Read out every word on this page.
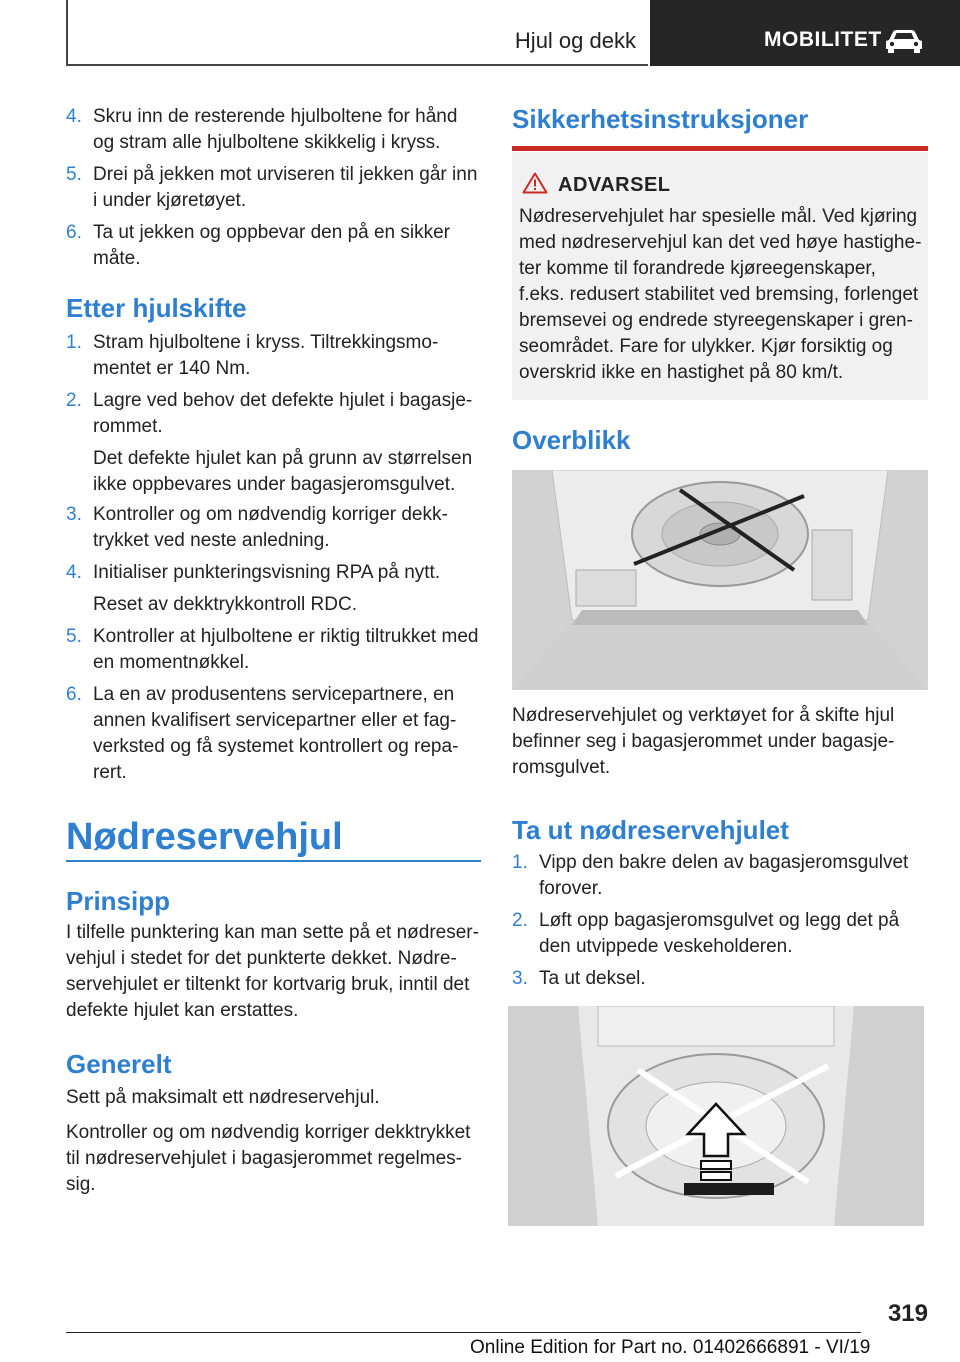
Hjul og dekk	MOBILITET
4. Skru inn de resterende hjulboltene for hånd og stram alle hjulboltene skikkelig i kryss.

5. Drei på jekken mot urviseren til jekken går inn i under kjøretøyet.

6. Ta ut jekken og oppbevar den på en sikker måte.

Etter hjulskifte
1. Stram hjulboltene i kryss. Tiltrekkingsmomentet er 140 Nm.

2. Lagre ved behov det defekte hjulet i bagasjerommet.

Det defekte hjulet kan på grunn av størrelsen ikke oppbevares under bagasjeromsgulvet.

3. Kontroller og om nødvendig korriger dekktrykket ved neste anledning.

4. Initialiser punkteringsvisning RPA på nytt.

Reset av dekktrykkontroll RDC.

5. Kontroller at hjulboltene er riktig tiltrukket med en momentnøkkel.

6. La en av produsentens servicepartnere, en annen kvalifisert servicepartner eller et fagverksted og få systemet kontrollert og reparert.

Nødreservehjul
Prinsipp
I tilfelle punktering kan man sette på et nødreservehjul i stedet for det punkterte dekket. Nødreservehjulet er tiltenkt for kortvarig bruk, inntil det defekte hjulet kan erstattes.
Generelt
Sett på maksimalt ett nødreservehjul.
Kontroller og om nødvendig korriger dekktrykket til nødreservehjulet i bagasjerommet regelmessig.
Sikkerhetsinstruksjoner
ADVARSEL
Nødreservehjulet har spesielle mål. Ved kjøring med nødreservehjul kan det ved høye hastigheter komme til forandrede kjøreegenskaper, f.eks. redusert stabilitet ved bremsing, forlenget bremsevei og endrede styreegenskaper i grenseområdet. Fare for ulykker. Kjør forsiktig og overskrid ikke en hastighet på 80 km/t.
Overblikk
Nødreservehjulet og verktøyet for å skifte hjul befinner seg i bagasjerommet under bagasjeromsgulvet.
Ta ut nødreservehjulet
1. Vipp den bakre delen av bagasjeromsgulvet forover.

2. Løft opp bagasjeromsgulvet og legg det på den utvippede veskeholderen.

3. Ta ut deksel.

319
Online Edition for Part no. 01402666891 - VI/19
